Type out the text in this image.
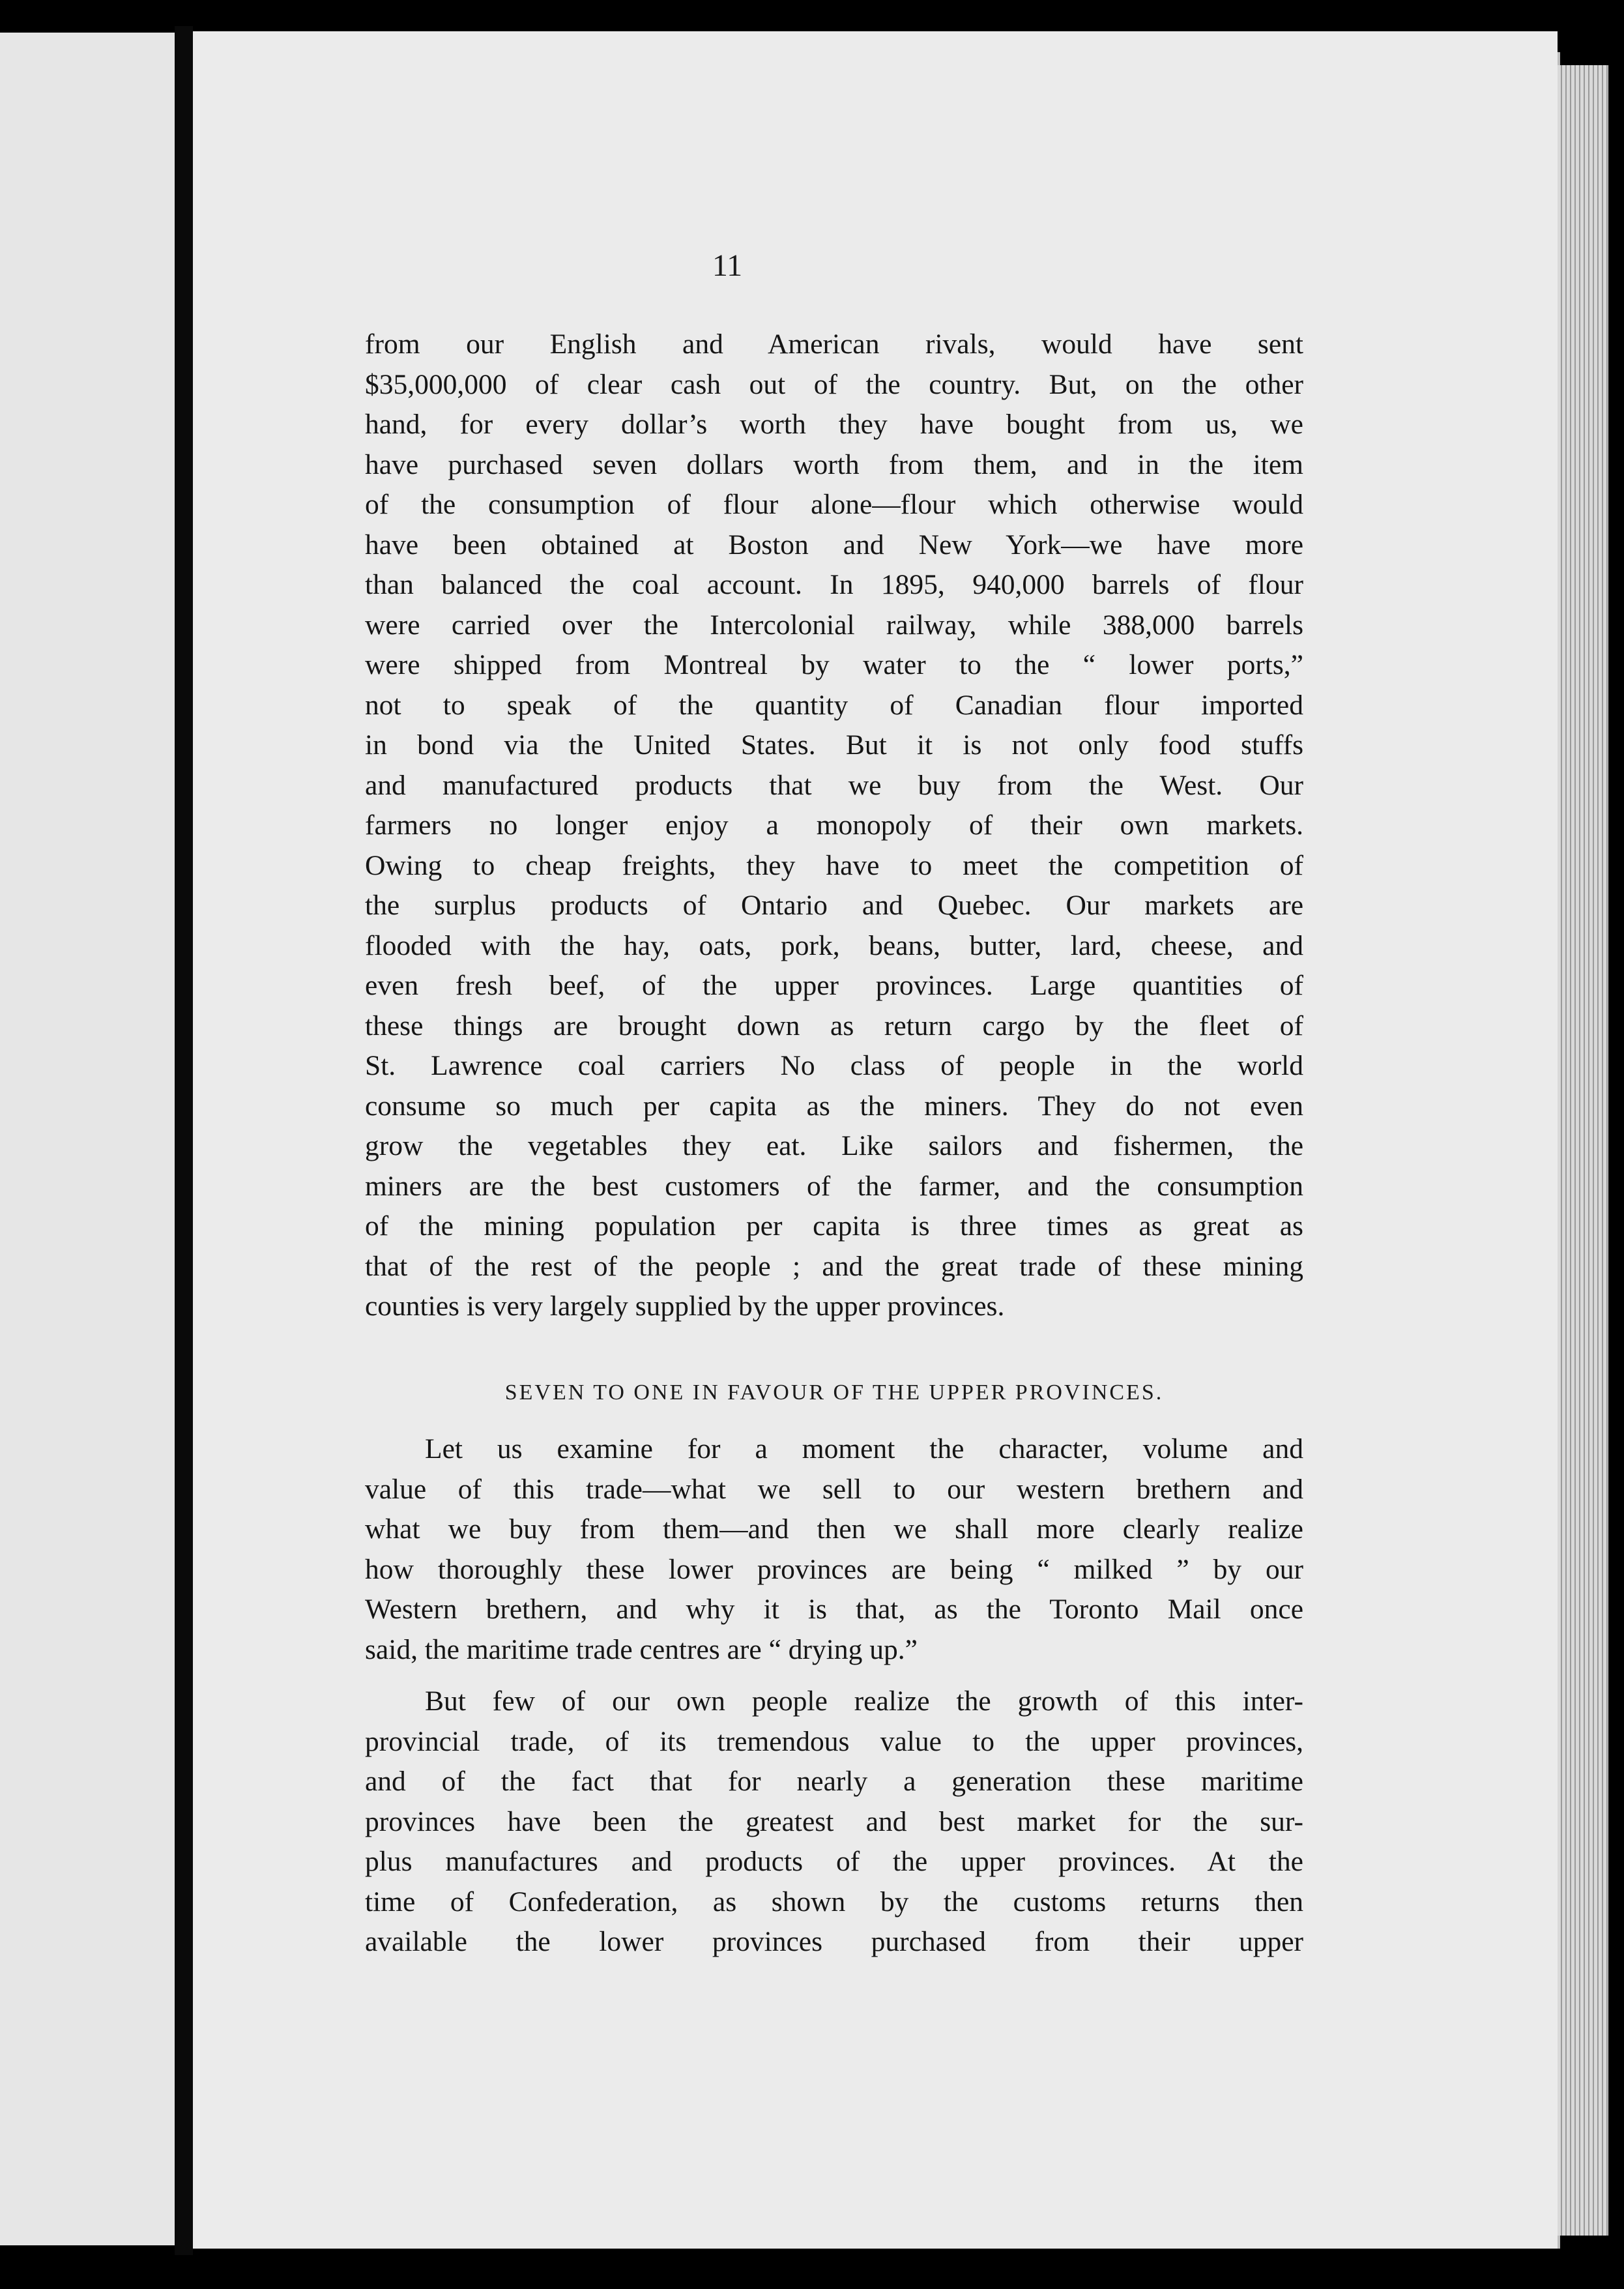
11
from our English and American rivals, would have sent
$35,000,000 of clear cash out of the country. But, on the other
hand, for every dollar’s worth they have bought from us, we
have purchased seven dollars worth from them, and in the item
of the consumption of flour alone—flour which otherwise would
have been obtained at Boston and New York—we have more
than balanced the coal account. In 1895, 940,000 barrels of flour
were carried over the Intercolonial railway, while 388,000 barrels
were shipped from Montreal by water to the “ lower ports,”
not to speak of the quantity of Canadian flour imported
in bond via the United States. But it is not only food stuffs
and manufactured products that we buy from the West. Our
farmers no longer enjoy a monopoly of their own markets.
Owing to cheap freights, they have to meet the competition of
the surplus products of Ontario and Quebec. Our markets are
flooded with the hay, oats, pork, beans, butter, lard, cheese, and
even fresh beef, of the upper provinces. Large quantities of
these things are brought down as return cargo by the fleet of
St. Lawrence coal carriers No class of people in the world
consume so much per capita as the miners. They do not even
grow the vegetables they eat. Like sailors and fishermen, the
miners are the best customers of the farmer, and the consumption
of the mining population per capita is three times as great as
that of the rest of the people ; and the great trade of these mining
counties is very largely supplied by the upper provinces.
SEVEN TO ONE IN FAVOUR OF THE UPPER PROVINCES.
Let us examine for a moment the character, volume and
value of this trade—what we sell to our western brethern and
what we buy from them—and then we shall more clearly realize
how thoroughly these lower provinces are being “ milked ” by our
Western brethern, and why it is that, as the Toronto Mail once
said, the maritime trade centres are “ drying up.”
But few of our own people realize the growth of this inter-
provincial trade, of its tremendous value to the upper provinces,
and of the fact that for nearly a generation these maritime
provinces have been the greatest and best market for the sur-
plus manufactures and products of the upper provinces. At the
time of Confederation, as shown by the customs returns then
available the lower provinces purchased from their upper
